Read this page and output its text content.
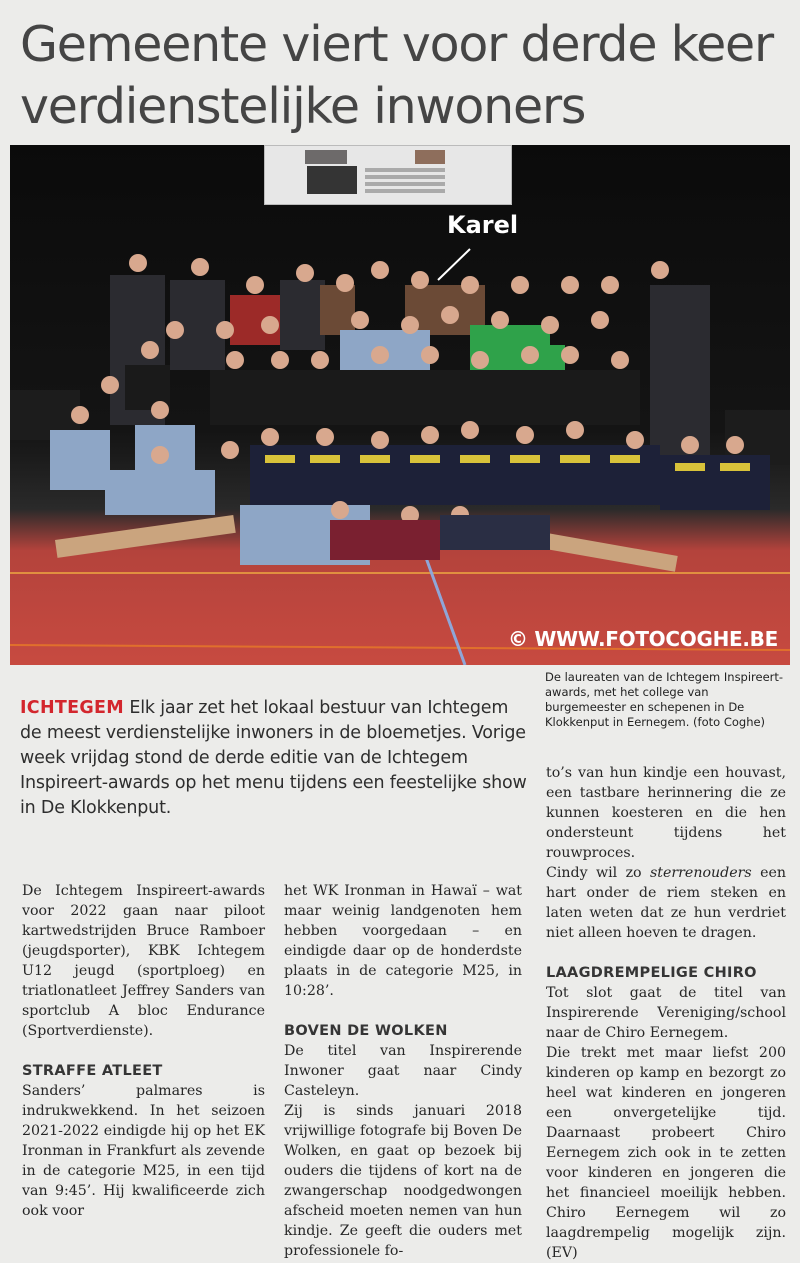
Gemeente viert voor derde keer verdienstelijke inwoners
Karel
© WWW.FOTOCOGHE.BE

De laureaten van de Ichtegem Inspireert-awards, met het college van burgemeester en schepenen in De Klokkenput in Eernegem. (foto Coghe)

ICHTEGEM Elk jaar zet het lokaal bestuur van Ichtegem de meest verdienstelijke inwoners in de bloemetjes. Vorige week vrijdag stond de derde editie van de Ichtegem Inspireert-awards op het menu tijdens een feestelijke show in De Klokkenput.

De Ichtegem Inspireert-awards voor 2022 gaan naar piloot kartwedstrijden Bruce Ramboer (jeugdsporter), KBK Ichtegem U12 jeugd (sportploeg) en triatlonatleet Jeffrey Sanders van sportclub A bloc Endurance (Sportverdienste).

STRAFFE ATLEET

Sanders’ palmares is indrukwekkend. In het seizoen 2021-2022 eindigde hij op het EK Ironman in Frankfurt als zevende in de categorie M25, in een tijd van 9:45’. Hij kwalificeerde zich ook voor

het WK Ironman in Hawaï – wat maar weinig landgenoten hem hebben voorgedaan – en eindigde daar op de honderdste plaats in de categorie M25, in 10:28’.

BOVEN DE WOLKEN

De titel van Inspirerende Inwoner gaat naar Cindy Casteleyn.

Zij is sinds januari 2018 vrijwillige fotografe bij Boven De Wolken, en gaat op bezoek bij ouders die tijdens of kort na de zwangerschap noodgedwongen afscheid moeten nemen van hun kindje. Ze geeft die ouders met professionele fo-

to’s van hun kindje een houvast, een tastbare herinnering die ze kunnen koesteren en die hen ondersteunt tijdens het rouwproces.

Cindy wil zo sterrenouders een hart onder de riem steken en laten weten dat ze hun verdriet niet alleen hoeven te dragen.

LAAGDREMPELIGE CHIRO

Tot slot gaat de titel van Inspirerende Vereniging/school naar de Chiro Eernegem.

Die trekt met maar liefst 200 kinderen op kamp en bezorgt zo heel wat kinderen en jongeren een onvergetelijke tijd. Daarnaast probeert Chiro Eernegem zich ook in te zetten voor kinderen en jongeren die het financieel moeilijk hebben. Chiro Eernegem wil zo laagdrempelig mogelijk zijn. (EV)
